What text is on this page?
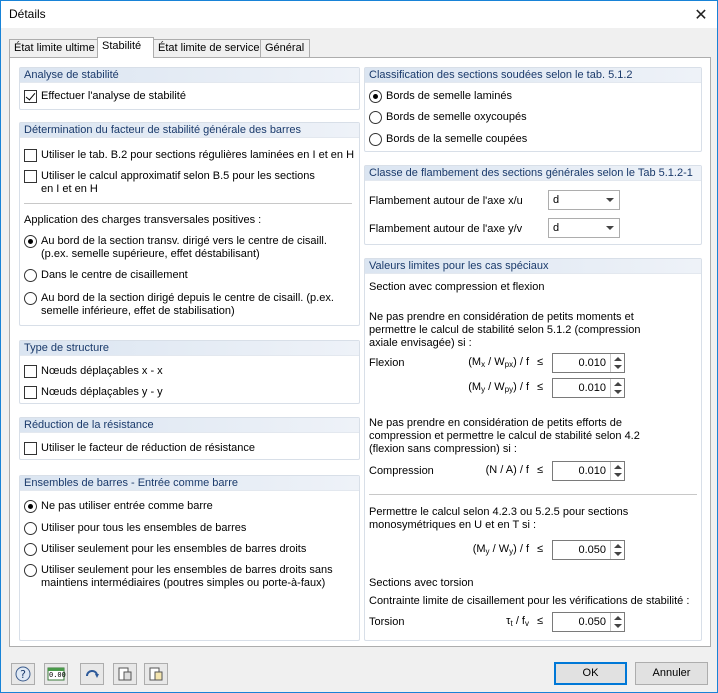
Détails	✕
État limite ultime Stabilité	État limite de service Général
Analyse de stabilité
Effectuer l'analyse de stabilité
Détermination du facteur de stabilité générale des barres
Utiliser le tab. B.2 pour sections régulières laminées en I et en H
Utiliser le calcul approximatif selon B.5 pour les sections
en I et en H
Application des charges transversales positives :
Au bord de la section transv. dirigé vers le centre de cisaill.
(p.ex. semelle supérieure, effet déstabilisant)
Dans le centre de cisaillement
Au bord de la section dirigé depuis le centre de cisaill. (p.ex.
semelle inférieure, effet de stabilisation)
Type de structure
Nœuds déplaçables x - x
Nœuds déplaçables y - y
Réduction de la résistance
Utiliser le facteur de réduction de résistance
Ensembles de barres - Entrée comme barre
Ne pas utiliser entrée comme barre
Utiliser pour tous les ensembles de barres
Utiliser seulement pour les ensembles de barres droits
Utiliser seulement pour les ensembles de barres droits sans
maintiens intermédiaires (poutres simples ou porte-à-faux)
Classification des sections soudées selon le tab. 5.1.2
Bords de semelle laminés
Bords de semelle oxycoupés
Bords de la semelle coupées
Classe de flambement des sections générales selon le Tab 5.1.2-1
Flambement autour de l'axe x/u	d
Flambement autour de l'axe y/v	d
Valeurs limites pour les cas spéciaux
Section avec compression et flexion
Ne pas prendre en considération de petits moments et
permettre le calcul de stabilité selon 5.1.2 (compression
axiale envisagée) si :
Flexion	$(M_x / W_{px})$ / f ≤	0.010
$(M_y / W_{py})$ / f ≤	0.010
Ne pas prendre en considération de petits efforts de
compression et permettre le calcul de stabilité selon 4.2
(flexion sans compression) si :
Compression	(N / A) / f ≤	0.010
Permettre le calcul selon 4.2.3 ou 5.2.5 pour sections
monosymétriques en U et en T si :
$(M_y / W_y)$ / f ≤	0.050
Sections avec torsion
Contrainte limite de cisaillement pour les vérifications de stabilité :
Torsion	$\tau_t / f_v$ ≤	0.050
?	0.00	OK	Annuler
